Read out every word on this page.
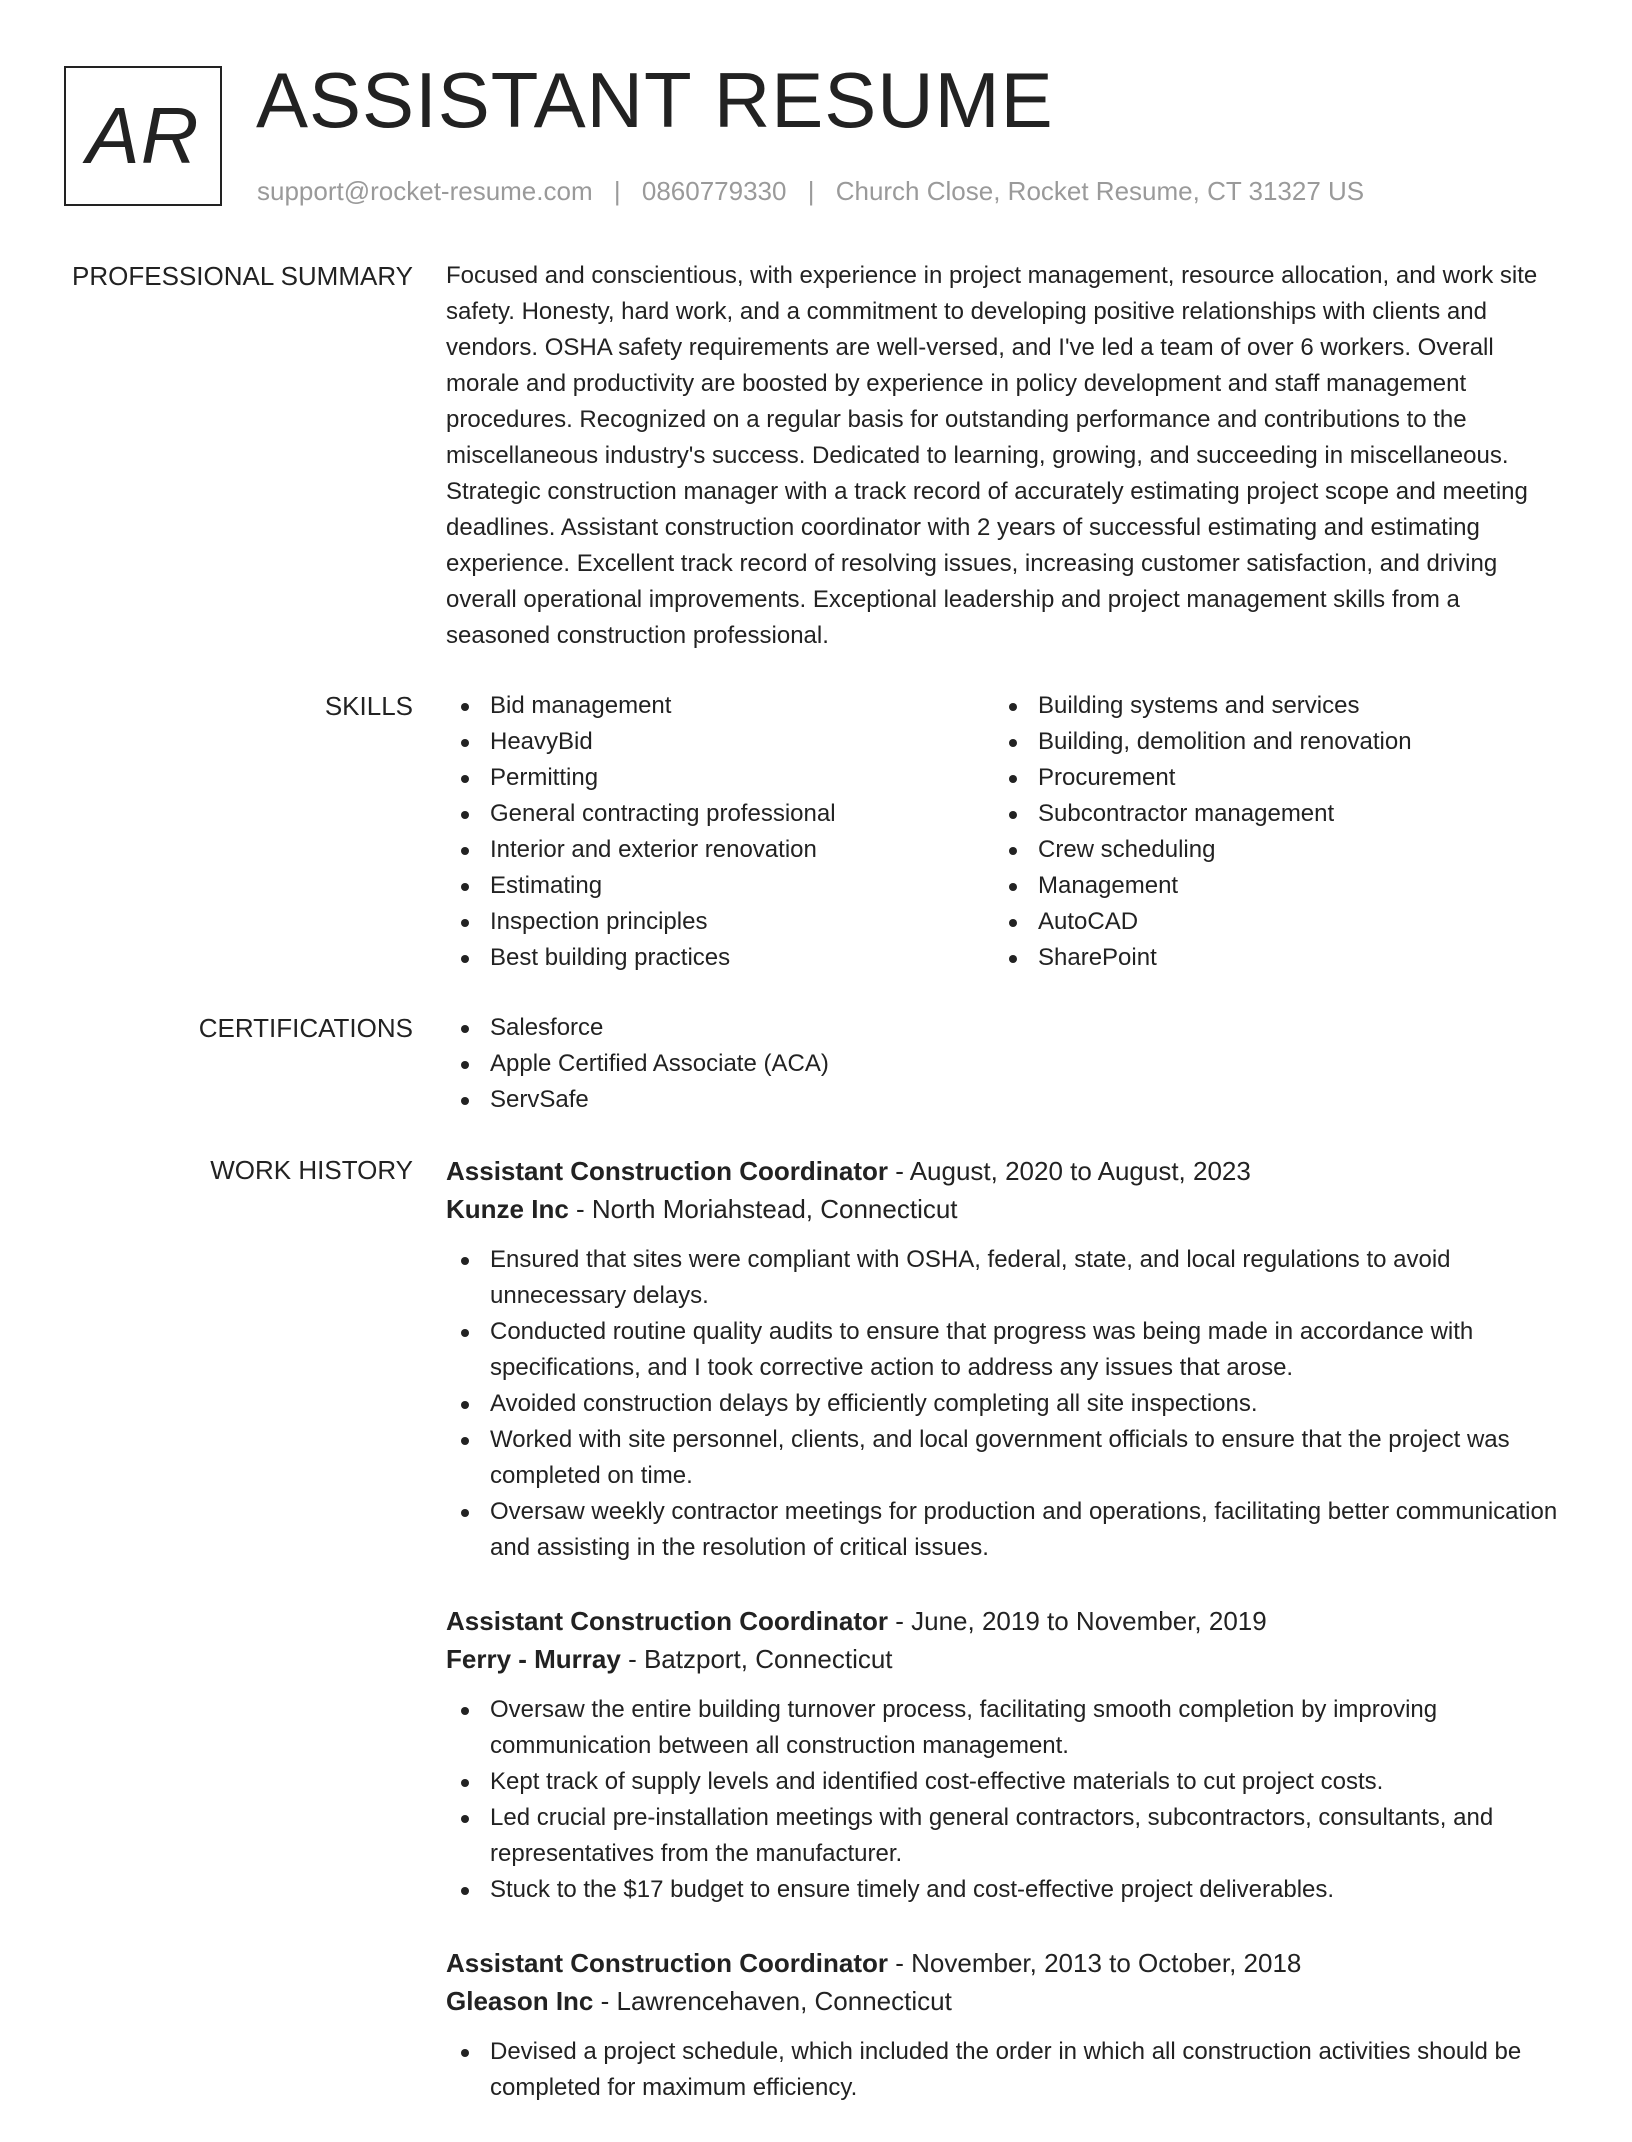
AR ASSISTANT RESUME
support@rocket-resume.com | 0860779330 | Church Close, Rocket Resume, CT 31327 US
PROFESSIONAL SUMMARY Focused and conscientious, with experience in project management, resource allocation, and work site safety. Honesty, hard work, and a commitment to developing positive relationships with clients and vendors. OSHA safety requirements are well-versed, and I've led a team of over 6 workers. Overall morale and productivity are boosted by experience in policy development and staff management procedures. Recognized on a regular basis for outstanding performance and contributions to the miscellaneous industry's success. Dedicated to learning, growing, and succeeding in miscellaneous. Strategic construction manager with a track record of accurately estimating project scope and meeting deadlines. Assistant construction coordinator with 2 years of successful estimating and estimating experience. Excellent track record of resolving issues, increasing customer satisfaction, and driving overall operational improvements. Exceptional leadership and project management skills from a seasoned construction professional.

SKILLS	Bid management
HeavyBid
Permitting
General contracting professional
Interior and exterior renovation
Estimating
Inspection principles
Best building practices
Building systems and services
Building, demolition and renovation
Procurement
Subcontractor management
Crew scheduling
Management
AutoCAD
SharePoint
CERTIFICATIONS	Salesforce
Apple Certified Associate (ACA)
ServSafe
WORK HISTORY Assistant Construction Coordinator - August, 2020 to August, 2023
Kunze Inc - North Moriahstead, Connecticut
Ensured that sites were compliant with OSHA, federal, state, and local regulations to avoid unnecessary delays.
Conducted routine quality audits to ensure that progress was being made in accordance with specifications, and I took corrective action to address any issues that arose.
Avoided construction delays by efficiently completing all site inspections.
Worked with site personnel, clients, and local government officials to ensure that the project was completed on time.
Oversaw weekly contractor meetings for production and operations, facilitating better communication and assisting in the resolution of critical issues.
Assistant Construction Coordinator - June, 2019 to November, 2019
Ferry - Murray - Batzport, Connecticut
Oversaw the entire building turnover process, facilitating smooth completion by improving communication between all construction management.
Kept track of supply levels and identified cost-effective materials to cut project costs.
Led crucial pre-installation meetings with general contractors, subcontractors, consultants, and representatives from the manufacturer.
Stuck to the $17 budget to ensure timely and cost-effective project deliverables.
Assistant Construction Coordinator - November, 2013 to October, 2018
Gleason Inc - Lawrencehaven, Connecticut
Devised a project schedule, which included the order in which all construction activities should be completed for maximum efficiency.
